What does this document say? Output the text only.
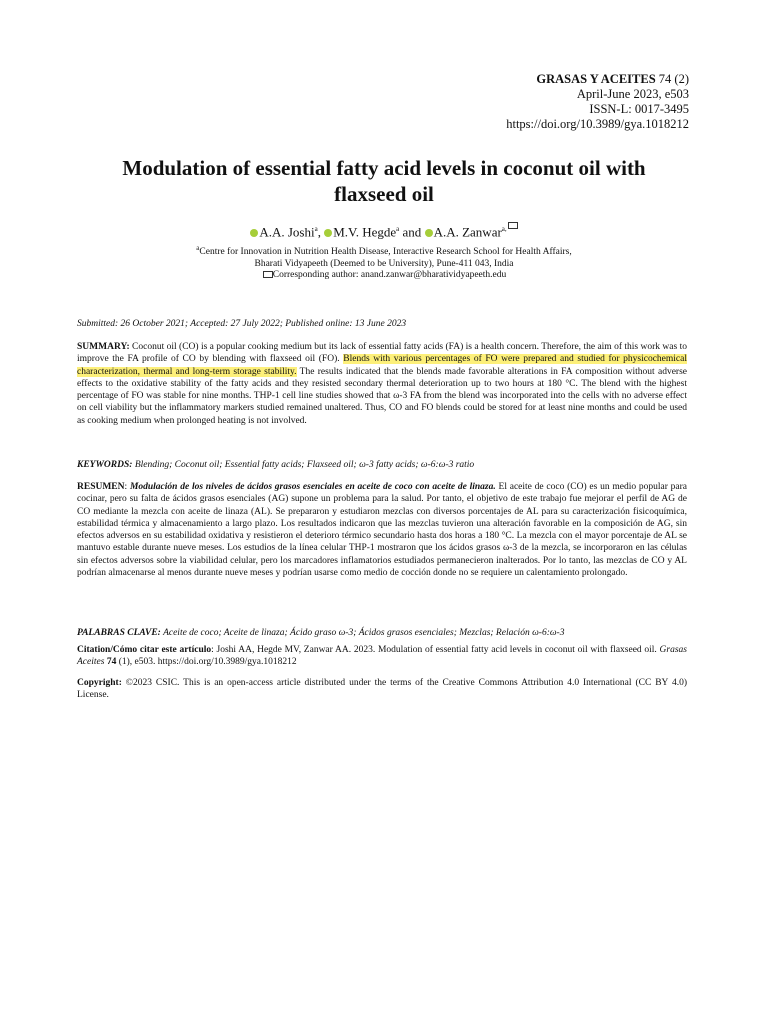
GRASAS Y ACEITES 74 (2)
April-June 2023, e503
ISSN-L: 0017-3495
https://doi.org/10.3989/gya.1018212
Modulation of essential fatty acid levels in coconut oil with flaxseed oil
A.A. Joshi$^a$, M.V. Hegde$^a$ and A.A. Zanwar$^{a,}$
$^a$Centre for Innovation in Nutrition Health Disease, Interactive Research School for Health Affairs,
Bharati Vidyapeeth (Deemed to be University), Pune-411 043, India
Corresponding author: anand.zanwar@bharatividyapeeth.edu
Submitted: 26 October 2021; Accepted: 27 July 2022; Published online: 13 June 2023
SUMMARY: Coconut oil (CO) is a popular cooking medium but its lack of essential fatty acids (FA) is a health concern. Therefore, the aim of this work was to improve the FA profile of CO by blending with flaxseed oil (FO). Blends with various percentages of FO were prepared and studied for physicochemical characterization, thermal and long-term storage stability. The results indicated that the blends made favorable alterations in FA composition without adverse effects to the oxidative stability of the fatty acids and they resisted secondary thermal deterioration up to two hours at 180 °C. The blend with the highest percentage of FO was stable for nine months. THP-1 cell line studies showed that ω-3 FA from the blend was incorporated into the cells with no adverse effect on cell viability but the inflammatory markers studied remained unaltered. Thus, CO and FO blends could be stored for at least nine months and could be used as cooking medium when prolonged heating is not involved.
KEYWORDS: Blending; Coconut oil; Essential fatty acids; Flaxseed oil; ω-3 fatty acids; ω-6:ω-3 ratio
RESUMEN: Modulación de los niveles de ácidos grasos esenciales en aceite de coco con aceite de linaza. El aceite de coco (CO) es un medio popular para cocinar, pero su falta de ácidos grasos esenciales (AG) supone un problema para la salud. Por tanto, el objetivo de este trabajo fue mejorar el perfil de AG de CO mediante la mezcla con aceite de linaza (AL). Se prepararon y estudiaron mezclas con diversos porcentajes de AL para su caracterización fisicoquímica, estabilidad térmica y almacenamiento a largo plazo. Los resultados indicaron que las mezclas tuvieron una alteración favorable en la composición de AG, sin efectos adversos en su estabilidad oxidativa y resistieron el deterioro térmico secundario hasta dos horas a 180 °C. La mezcla con el mayor porcentaje de AL se mantuvo estable durante nueve meses. Los estudios de la línea celular THP-1 mostraron que los ácidos grasos ω-3 de la mezcla, se incorporaron en las células sin efectos adversos sobre la viabilidad celular, pero los marcadores inflamatorios estudiados permanecieron inalterados. Por lo tanto, las mezclas de CO y AL podrían almacenarse al menos durante nueve meses y podrían usarse como medio de cocción donde no se requiere un calentamiento prolongado.
PALABRAS CLAVE: Aceite de coco; Aceite de linaza; Ácido graso ω-3; Ácidos grasos esenciales; Mezclas; Relación ω-6:ω-3
Citation/Cómo citar este artículo: Joshi AA, Hegde MV, Zanwar AA. 2023. Modulation of essential fatty acid levels in coconut oil with flaxseed oil. Grasas Aceites 74 (1), e503. https://doi.org/10.3989/gya.1018212
Copyright: ©2023 CSIC. This is an open-access article distributed under the terms of the Creative Commons Attribution 4.0 International (CC BY 4.0) License.
